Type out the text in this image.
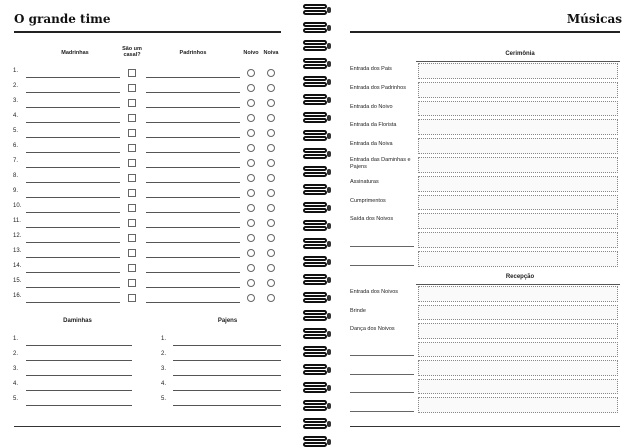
O grande time
Madrinhas
São um casal?	Padrinhos	Noivo Noiva
1.
2.
3.
4.
5.
6.
7.
8.
9.
10.
11.
12.
13.
14.
15.
16.
Daminhas	Pajens
1.
2.
3.
4.
5.
1.
2.
3.
4.
5.
Músicas
Cerimônia
Entrada dos Pais
Entrada dos Padrinhos
Entrada do Noivo
Entrada da Florista
Entrada da Noiva
Entrada das Daminhas e Pajens
Assinaturas
Cumprimentos
Saída dos Noivos
Recepção
Entrada dos Noivos
Brinde
Dança dos Noivos
